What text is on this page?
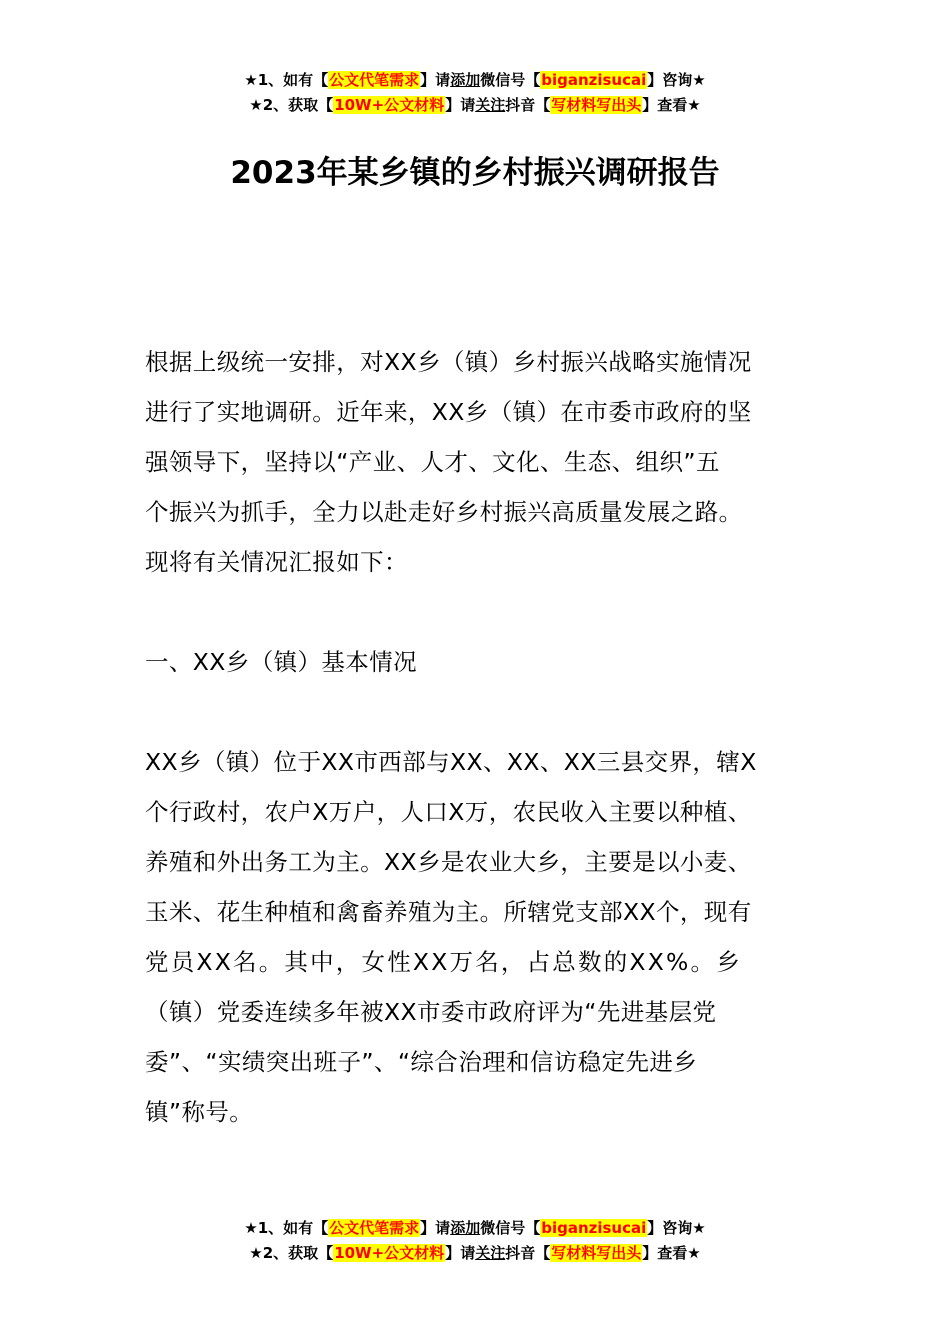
★1、如有【公文代笔需求】请添加微信号【biganzisucai】咨询★
★2、获取【10W+公文材料】请关注抖音【写材料写出头】查看★
2023年某乡镇的乡村振兴调研报告
根据上级统一安排，对XX乡（镇）乡村振兴战略实施情况
进行了实地调研。近年来，XX乡（镇）在市委市政府的坚
强领导下，坚持以“产业、人才、文化、生态、组织”五
个振兴为抓手，全力以赴走好乡村振兴高质量发展之路。
现将有关情况汇报如下：
一、XX乡（镇）基本情况
XX乡（镇）位于XX市西部与XX、XX、XX三县交界，辖X
个行政村，农户X万户，人口X万，农民收入主要以种植、
养殖和外出务工为主。XX乡是农业大乡，主要是以小麦、
玉米、花生种植和禽畜养殖为主。所辖党支部XX个，现有
党员XX名。其中，女性XX万名，占总数的XX%。乡
（镇）党委连续多年被XX市委市政府评为“先进基层党
委”、“实绩突出班子”、“综合治理和信访稳定先进乡
镇”称号。
★1、如有【公文代笔需求】请添加微信号【biganzisucai】咨询★
★2、获取【10W+公文材料】请关注抖音【写材料写出头】查看★
